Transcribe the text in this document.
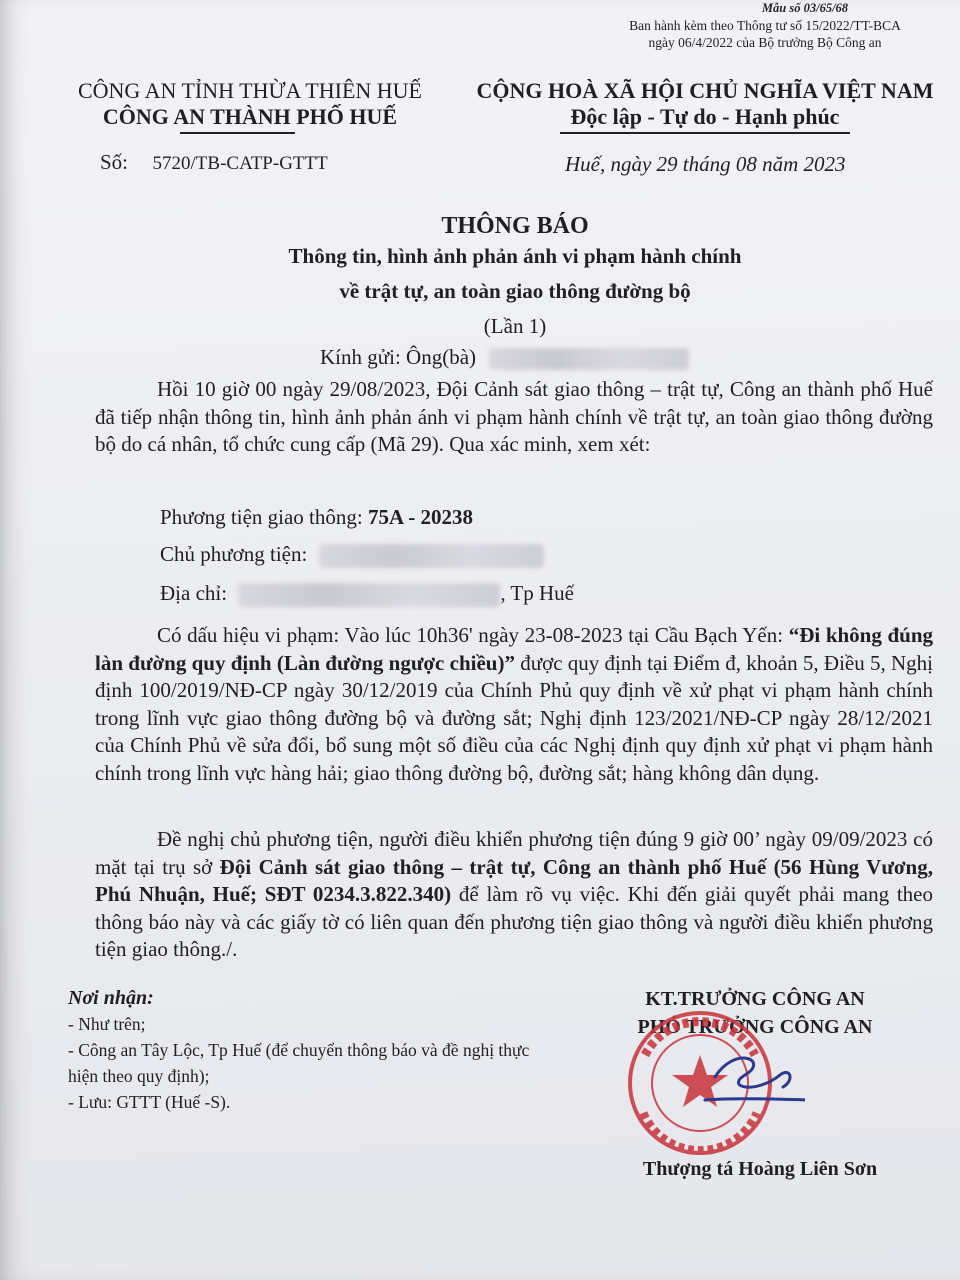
Mẫu số 03/65/68
Ban hành kèm theo Thông tư số 15/2022/TT-BCA
ngày 06/4/2022 của Bộ trưởng Bộ Công an
CÔNG AN TỈNH THỪA THIÊN HUẾ
CÔNG AN THÀNH PHỐ HUẾ
CỘNG HOÀ XÃ HỘI CHỦ NGHĨA VIỆT NAM
Độc lập - Tự do - Hạnh phúc
Số: 5720/TB-CATP-GTTT	Huế, ngày 29 tháng 08 năm 2023
THÔNG BÁO
Thông tin, hình ảnh phản ánh vi phạm hành chính
về trật tự, an toàn giao thông đường bộ
(Lần 1)
Kính gửi: Ông(bà)
Hồi 10 giờ 00 ngày 29/08/2023, Đội Cảnh sát giao thông – trật tự, Công an thành phố Huế đã tiếp nhận thông tin, hình ảnh phản ánh vi phạm hành chính về trật tự, an toàn giao thông đường bộ do cá nhân, tổ chức cung cấp (Mã 29). Qua xác minh, xem xét:
Phương tiện giao thông: 75A - 20238
Chủ phương tiện:
Địa chỉ:	, Tp Huế
Có dấu hiệu vi phạm: Vào lúc 10h36' ngày 23-08-2023 tại Cầu Bạch Yến: “Đi không đúng làn đường quy định (Làn đường ngược chiều)” được quy định tại Điểm đ, khoản 5, Điều 5, Nghị định 100/2019/NĐ-CP ngày 30/12/2019 của Chính Phủ quy định về xử phạt vi phạm hành chính trong lĩnh vực giao thông đường bộ và đường sắt; Nghị định 123/2021/NĐ-CP ngày 28/12/2021 của Chính Phủ về sửa đổi, bổ sung một số điều của các Nghị định quy định xử phạt vi phạm hành chính trong lĩnh vực hàng hải; giao thông đường bộ, đường sắt; hàng không dân dụng.
Đề nghị chủ phương tiện, người điều khiển phương tiện đúng 9 giờ 00’ ngày 09/09/2023 có mặt tại trụ sở Đội Cảnh sát giao thông – trật tự, Công an thành phố Huế (56 Hùng Vương, Phú Nhuận, Huế; SĐT 0234.3.822.340) để làm rõ vụ việc. Khi đến giải quyết phải mang theo thông báo này và các giấy tờ có liên quan đến phương tiện giao thông và người điều khiển phương tiện giao thông./.
Nơi nhận:
- Như trên;
- Công an Tây Lộc, Tp Huế (để chuyển thông báo và đề nghị thực hiện theo quy định);
- Lưu: GTTT (Huế -S).
KT.TRƯỞNG CÔNG AN
PHÓ TRƯỞNG CÔNG AN
Thượng tá Hoàng Liên Sơn
